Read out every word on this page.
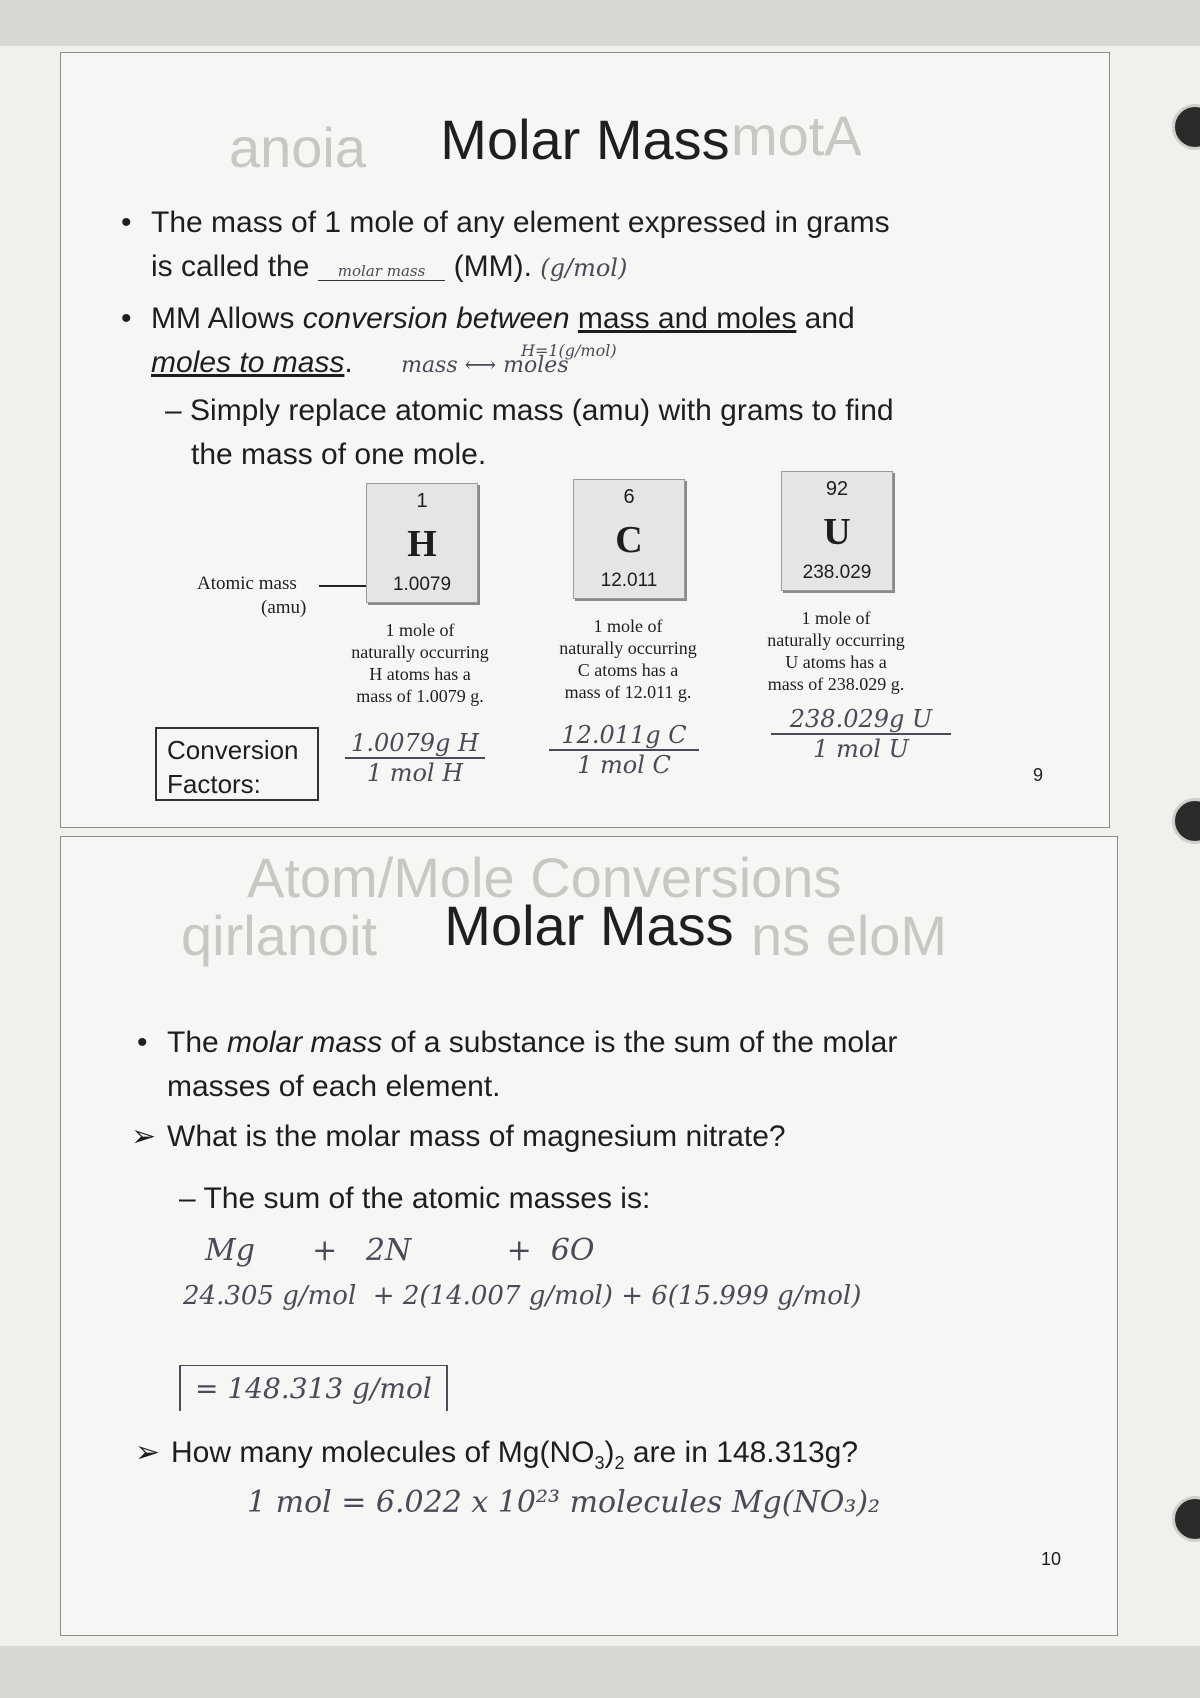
anoia	motA
Molar Mass
• The mass of 1 mole of any element expressed in grams
is called the molar mass (MM). (g/mol)
• MM Allows conversion between mass and moles and
moles to mass. mass ⟷ moles
H=1(g/mol)
– Simply replace atomic mass (amu) with grams to find
the mass of one mole.
Atomic mass
(amu)
1
H
1.0079
1 mole of
naturally occurring
H atoms has a
mass of 1.0079 g.
6
C
12.011
1 mole of
naturally occurring
C atoms has a
mass of 12.011 g.
92
U
238.029
1 mole of
naturally occurring
U atoms has a
mass of 238.029 g.
Conversion
Factors:
1.0079g H
1 mol H
12.011g C
1 mol C
238.029g U
1 mol U
9
Atom/Mole Conversions
qirlanoit	ns eloM
Molar Mass
• The molar mass of a substance is the sum of the molar
masses of each element.
➢ What is the molar mass of magnesium nitrate?
– The sum of the atomic masses is:
Mg      +   2N          +  6O
24.305 g/mol  + 2(14.007 g/mol) + 6(15.999 g/mol)
= 148.313 g/mol
➢ How many molecules of $Mg(NO_3)_2$ are in 148.313g?
1 mol = 6.022 x 10²³ molecules Mg(NO₃)₂
10
